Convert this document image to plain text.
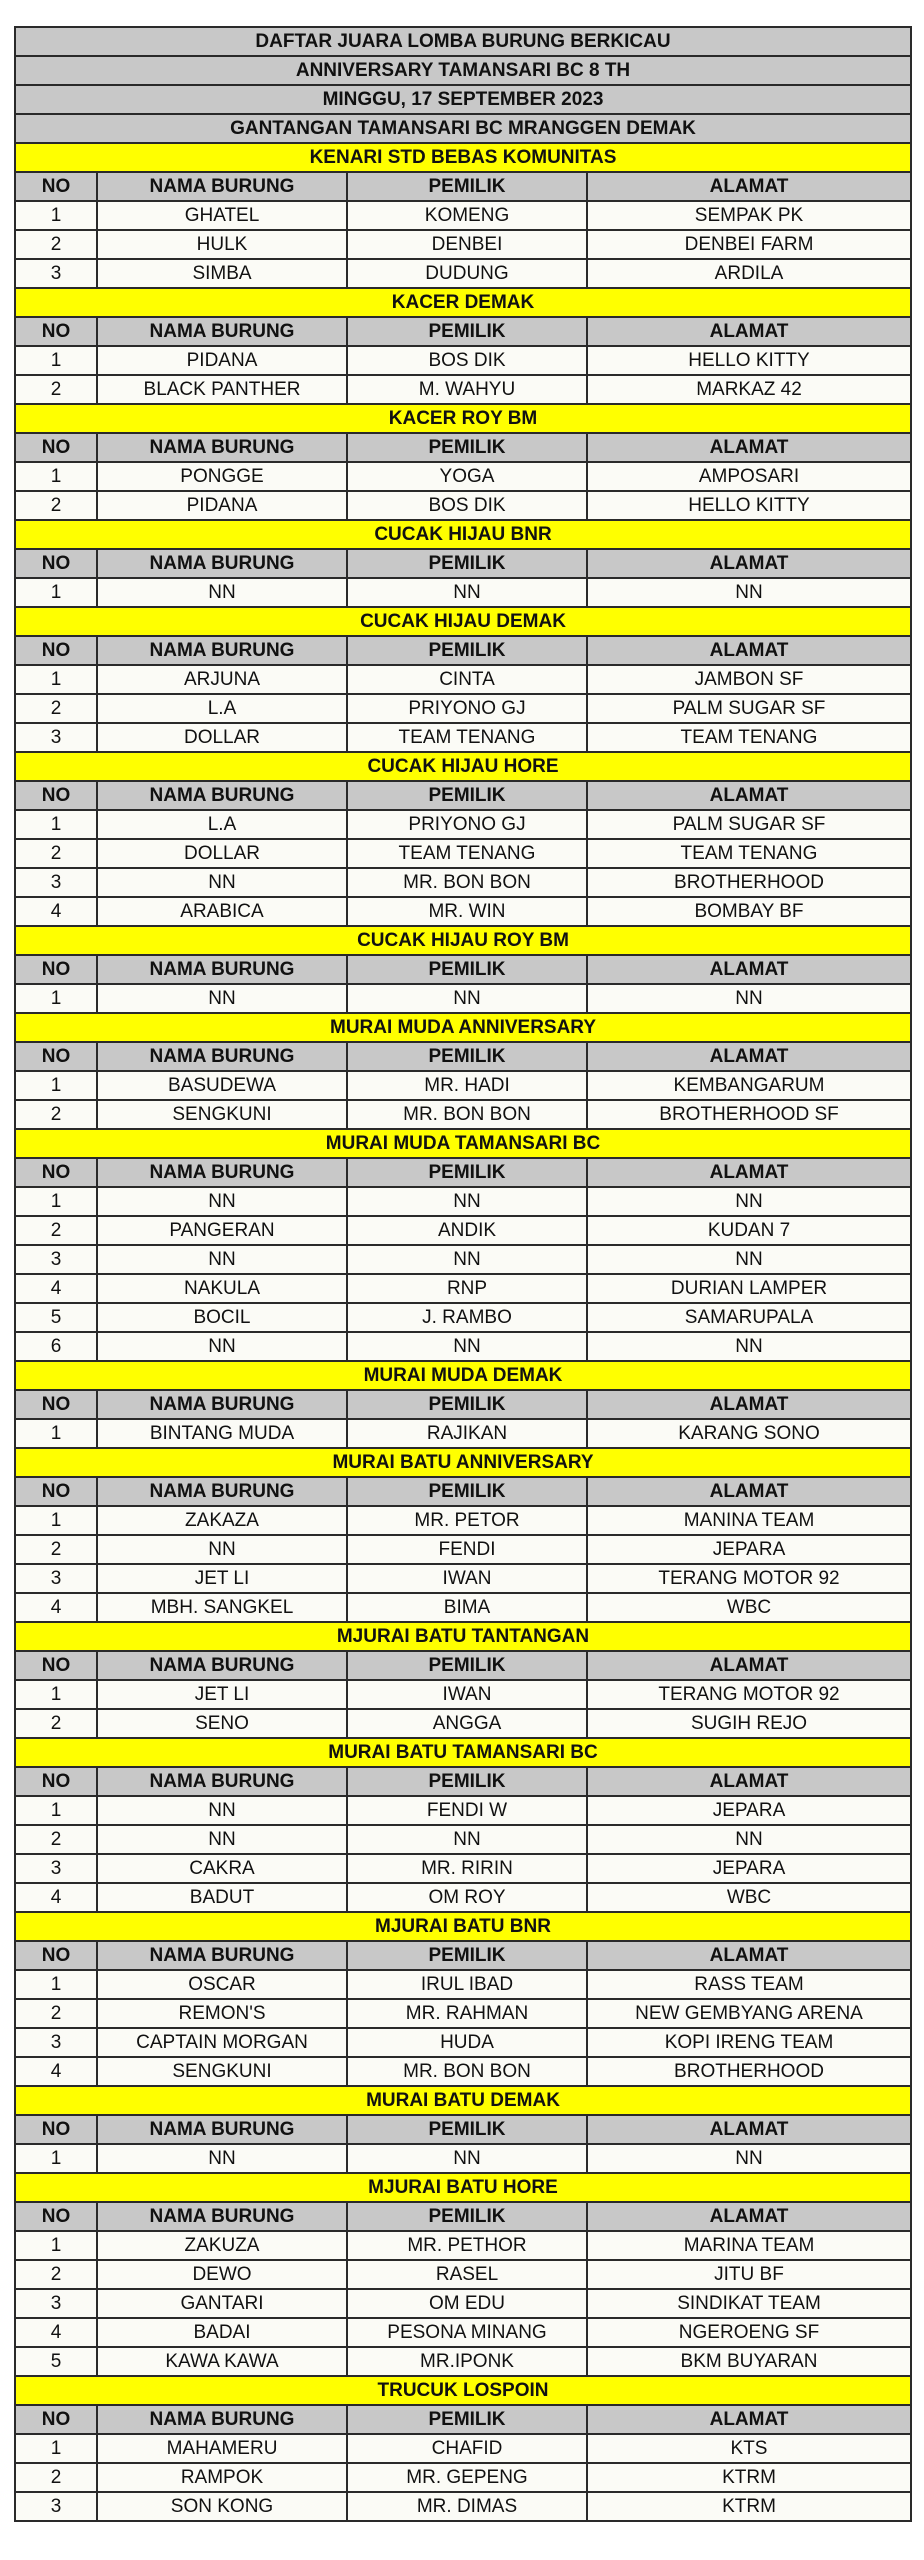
DAFTAR JUARA LOMBA BURUNG BERKICAU
ANNIVERSARY TAMANSARI BC 8 TH
MINGGU, 17 SEPTEMBER 2023
GANTANGAN TAMANSARI BC MRANGGEN DEMAK
KENARI STD BEBAS KOMUNITAS
NO	NAMA BURUNG	PEMILIK	ALAMAT
1	GHATEL	KOMENG	SEMPAK PK
2	HULK	DENBEI	DENBEI FARM
3	SIMBA	DUDUNG	ARDILA
KACER DEMAK
NO	NAMA BURUNG	PEMILIK	ALAMAT
1	PIDANA	BOS DIK	HELLO KITTY
2	BLACK PANTHER	M. WAHYU	MARKAZ 42
KACER ROY BM
NO	NAMA BURUNG	PEMILIK	ALAMAT
1	PONGGE	YOGA	AMPOSARI
2	PIDANA	BOS DIK	HELLO KITTY
CUCAK HIJAU BNR
NO	NAMA BURUNG	PEMILIK	ALAMAT
1	NN	NN	NN
CUCAK HIJAU DEMAK
NO	NAMA BURUNG	PEMILIK	ALAMAT
1	ARJUNA	CINTA	JAMBON SF
2	L.A	PRIYONO GJ	PALM SUGAR SF
3	DOLLAR	TEAM TENANG	TEAM TENANG
CUCAK HIJAU HORE
NO	NAMA BURUNG	PEMILIK	ALAMAT
1	L.A	PRIYONO GJ	PALM SUGAR SF
2	DOLLAR	TEAM TENANG	TEAM TENANG
3	NN	MR. BON BON	BROTHERHOOD
4	ARABICA	MR. WIN	BOMBAY BF
CUCAK HIJAU ROY BM
NO	NAMA BURUNG	PEMILIK	ALAMAT
1	NN	NN	NN
MURAI MUDA ANNIVERSARY
NO	NAMA BURUNG	PEMILIK	ALAMAT
1	BASUDEWA	MR. HADI	KEMBANGARUM
2	SENGKUNI	MR. BON BON	BROTHERHOOD SF
MURAI MUDA TAMANSARI BC
NO	NAMA BURUNG	PEMILIK	ALAMAT
1	NN	NN	NN
2	PANGERAN	ANDIK	KUDAN 7
3	NN	NN	NN
4	NAKULA	RNP	DURIAN LAMPER
5	BOCIL	J. RAMBO	SAMARUPALA
6	NN	NN	NN
MURAI MUDA DEMAK
NO	NAMA BURUNG	PEMILIK	ALAMAT
1	BINTANG MUDA	RAJIKAN	KARANG SONO
MURAI BATU ANNIVERSARY
NO	NAMA BURUNG	PEMILIK	ALAMAT
1	ZAKAZA	MR. PETOR	MANINA TEAM
2	NN	FENDI	JEPARA
3	JET LI	IWAN	TERANG MOTOR 92
4	MBH. SANGKEL	BIMA	WBC
MJURAI BATU TANTANGAN
NO	NAMA BURUNG	PEMILIK	ALAMAT
1	JET LI	IWAN	TERANG MOTOR 92
2	SENO	ANGGA	SUGIH REJO
MURAI BATU TAMANSARI BC
NO	NAMA BURUNG	PEMILIK	ALAMAT
1	NN	FENDI W	JEPARA
2	NN	NN	NN
3	CAKRA	MR. RIRIN	JEPARA
4	BADUT	OM ROY	WBC
MJURAI BATU BNR
NO	NAMA BURUNG	PEMILIK	ALAMAT
1	OSCAR	IRUL IBAD	RASS TEAM
2	REMON'S	MR. RAHMAN	NEW GEMBYANG ARENA
3	CAPTAIN MORGAN	HUDA	KOPI IRENG TEAM
4	SENGKUNI	MR. BON BON	BROTHERHOOD
MURAI BATU DEMAK
NO	NAMA BURUNG	PEMILIK	ALAMAT
1	NN	NN	NN
MJURAI BATU HORE
NO	NAMA BURUNG	PEMILIK	ALAMAT
1	ZAKUZA	MR. PETHOR	MARINA TEAM
2	DEWO	RASEL	JITU BF
3	GANTARI	OM EDU	SINDIKAT TEAM
4	BADAI	PESONA MINANG	NGEROENG SF
5	KAWA KAWA	MR.IPONK	BKM BUYARAN
TRUCUK LOSPOIN
NO	NAMA BURUNG	PEMILIK	ALAMAT
1	MAHAMERU	CHAFID	KTS
2	RAMPOK	MR. GEPENG	KTRM
3	SON KONG	MR. DIMAS	KTRM
